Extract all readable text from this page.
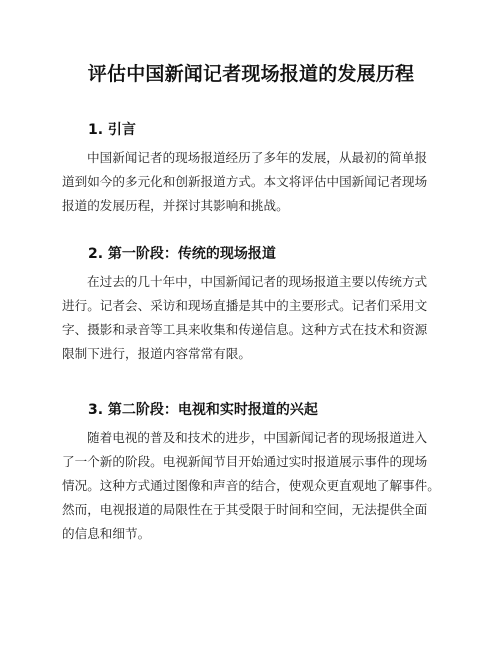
评估中国新闻记者现场报道的发展历程
1. 引言
中国新闻记者的现场报道经历了多年的发展，从最初的简单报
道到如今的多元化和创新报道方式。本文将评估中国新闻记者现场
报道的发展历程，并探讨其影响和挑战。
2. 第一阶段：传统的现场报道
在过去的几十年中，中国新闻记者的现场报道主要以传统方式
进行。记者会、采访和现场直播是其中的主要形式。记者们采用文
字、摄影和录音等工具来收集和传递信息。这种方式在技术和资源
限制下进行，报道内容常常有限。
3. 第二阶段：电视和实时报道的兴起
随着电视的普及和技术的进步，中国新闻记者的现场报道进入
了一个新的阶段。电视新闻节目开始通过实时报道展示事件的现场
情况。这种方式通过图像和声音的结合，使观众更直观地了解事件。
然而，电视报道的局限性在于其受限于时间和空间，无法提供全面
的信息和细节。
